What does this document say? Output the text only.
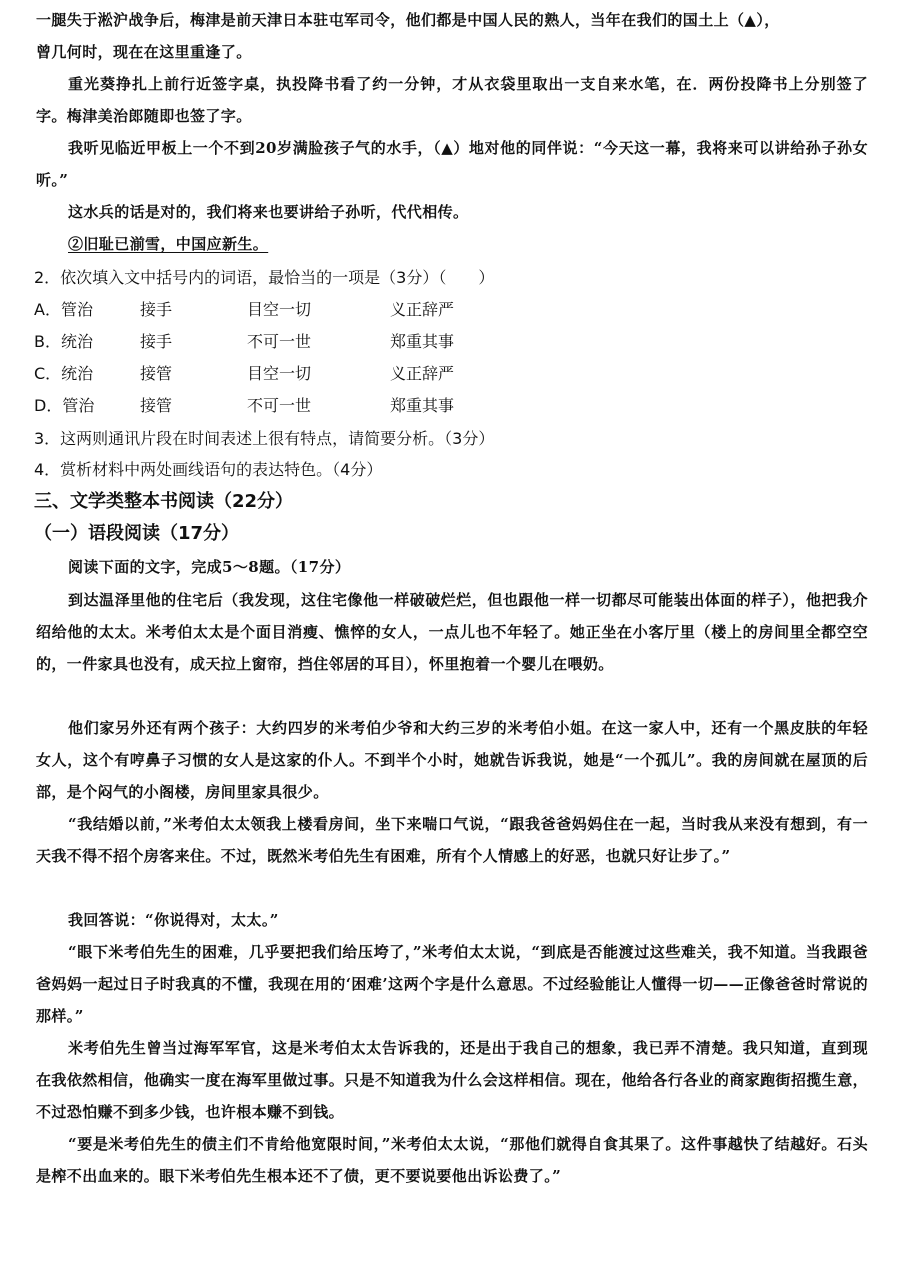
一腿失于淞沪战争后，梅津是前天津日本驻屯军司令，他们都是中国人民的熟人，当年在我们的国土上（▲），
曾几何时，现在在这里重逢了。
重光葵挣扎上前行近签字桌，执投降书看了约一分钟，才从衣袋里取出一支自来水笔，在．两份投降书上分别签了字。梅津美治郎随即也签了字。
我听见临近甲板上一个不到20岁满脸孩子气的水手，（▲）地对他的同伴说：“今天这一幕，我将来可以讲给孙子孙女听。”
这水兵的话是对的，我们将来也要讲给子孙听，代代相传。
②旧耻已湔雪，中国应新生。
2．依次填入文中括号内的词语，最恰当的一项是（3分）（　　）
A．管治	接手	目空一切	义正辞严
B．统治	接手	不可一世	郑重其事
C．统治	接管	目空一切	义正辞严
D．管治	接管	不可一世	郑重其事
3．这两则通讯片段在时间表述上很有特点，请简要分析。（3分）
4．赏析材料中两处画线语句的表达特色。（4分）
三、文学类整本书阅读（22分）
（一）语段阅读（17分）
阅读下面的文字，完成5～8题。（17分）
到达温泽里他的住宅后（我发现，这住宅像他一样破破烂烂，但也跟他一样一切都尽可能装出体面的样子），他把我介绍给他的太太。米考伯太太是个面目消瘦、憔悴的女人，一点儿也不年轻了。她正坐在小客厅里（楼上的房间里全都空空的，一件家具也没有，成天拉上窗帘，挡住邻居的耳目），怀里抱着一个婴儿在喂奶。
他们家另外还有两个孩子：大约四岁的米考伯少爷和大约三岁的米考伯小姐。在这一家人中，还有一个黑皮肤的年轻女人，这个有哼鼻子习惯的女人是这家的仆人。不到半个小时，她就告诉我说，她是“一个孤儿”。我的房间就在屋顶的后部，是个闷气的小阁楼，房间里家具很少。
“我结婚以前，”米考伯太太领我上楼看房间，坐下来喘口气说，“跟我爸爸妈妈住在一起，当时我从来没有想到，有一天我不得不招个房客来住。不过，既然米考伯先生有困难，所有个人情感上的好恶，也就只好让步了。”
我回答说：“你说得对，太太。”
“眼下米考伯先生的困难，几乎要把我们给压垮了，”米考伯太太说，“到底是否能渡过这些难关，我不知道。当我跟爸爸妈妈一起过日子时我真的不懂，我现在用的‘困难’这两个字是什么意思。不过经验能让人懂得一切——正像爸爸时常说的那样。”
米考伯先生曾当过海军军官，这是米考伯太太告诉我的，还是出于我自己的想象，我已弄不清楚。我只知道，直到现在我依然相信，他确实一度在海军里做过事。只是不知道我为什么会这样相信。现在，他给各行各业的商家跑街招揽生意，不过恐怕赚不到多少钱，也许根本赚不到钱。
“要是米考伯先生的债主们不肯给他宽限时间，”米考伯太太说，“那他们就得自食其果了。这件事越快了结越好。石头是榨不出血来的。眼下米考伯先生根本还不了债，更不要说要他出诉讼费了。”
